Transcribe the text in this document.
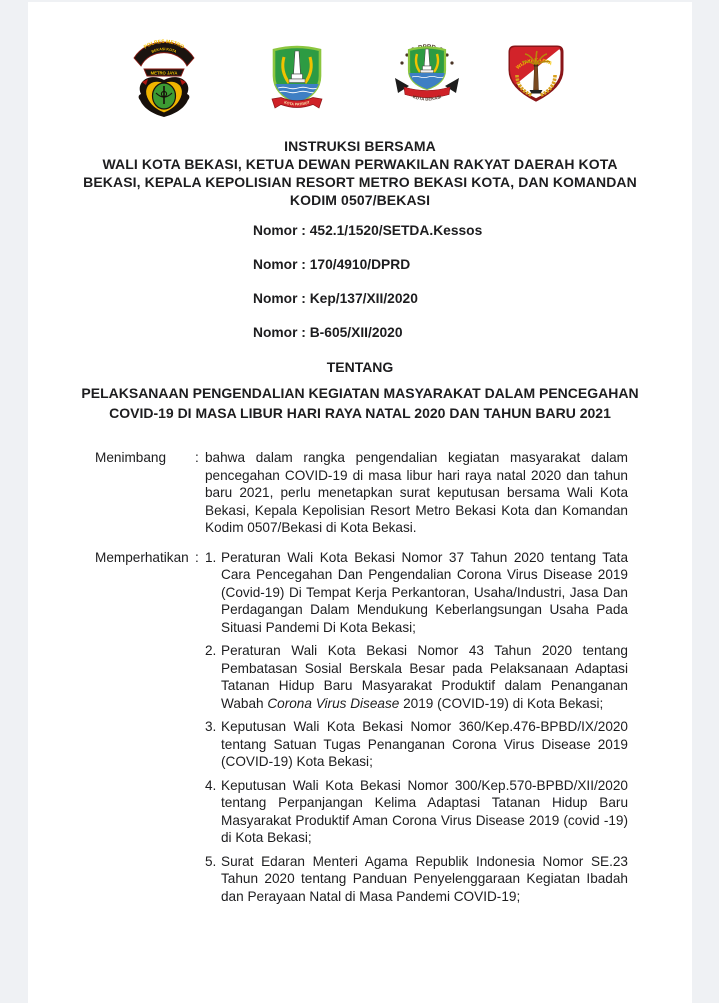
POLRES METRO
BEKASI KOTA
METRO JAYA
KOTA PATRIOT
KOTA BEKASI
WIJAYAKARTA
INSTRUKSI BERSAMA
WALI KOTA BEKASI, KETUA DEWAN PERWAKILAN RAKYAT DAERAH KOTA
BEKASI, KEPALA KEPOLISIAN RESORT METRO BEKASI KOTA, DAN KOMANDAN
KODIM 0507/BEKASI
Nomor : 452.1/1520/SETDA.Kessos
Nomor : 170/4910/DPRD
Nomor : Kep/137/XII/2020
Nomor : B-605/XII/2020
TENTANG
PELAKSANAAN PENGENDALIAN KEGIATAN MASYARAKAT DALAM PENCEGAHAN
COVID-19 DI MASA LIBUR HARI RAYA NATAL 2020 DAN TAHUN BARU 2021
Menimbang	: bahwa dalam rangka pengendalian kegiatan masyarakat dalam pencegahan COVID-19 di masa libur hari raya natal 2020 dan tahun baru 2021, perlu menetapkan surat keputusan bersama Wali Kota Bekasi, Kepala Kepolisian Resort Metro Bekasi Kota dan Komandan Kodim 0507/Bekasi di Kota Bekasi.
Memperhatikan : 1. Peraturan Wali Kota Bekasi Nomor 37 Tahun 2020 tentang Tata Cara Pencegahan Dan Pengendalian Corona Virus Disease 2019 (Covid-19) Di Tempat Kerja Perkantoran, Usaha/Industri, Jasa Dan Perdagangan Dalam Mendukung Keberlangsungan Usaha Pada Situasi Pandemi Di Kota Bekasi;
2. Peraturan Wali Kota Bekasi Nomor 43 Tahun 2020 tentang Pembatasan Sosial Berskala Besar pada Pelaksanaan Adaptasi Tatanan Hidup Baru Masyarakat Produktif dalam Penanganan Wabah Corona Virus Disease 2019 (COVID-19) di Kota Bekasi;
3. Keputusan Wali Kota Bekasi Nomor 360/Kep.476-BPBD/IX/2020 tentang Satuan Tugas Penanganan Corona Virus Disease 2019 (COVID-19) Kota Bekasi;
4. Keputusan Wali Kota Bekasi Nomor 300/Kep.570-BPBD/XII/2020 tentang Perpanjangan Kelima Adaptasi Tatanan Hidup Baru Masyarakat Produktif Aman Corona Virus Disease 2019 (covid -19) di Kota Bekasi;
5. Surat Edaran Menteri Agama Republik Indonesia Nomor SE.23 Tahun 2020 tentang Panduan Penyelenggaraan Kegiatan Ibadah dan Perayaan Natal di Masa Pandemi COVID-19;
